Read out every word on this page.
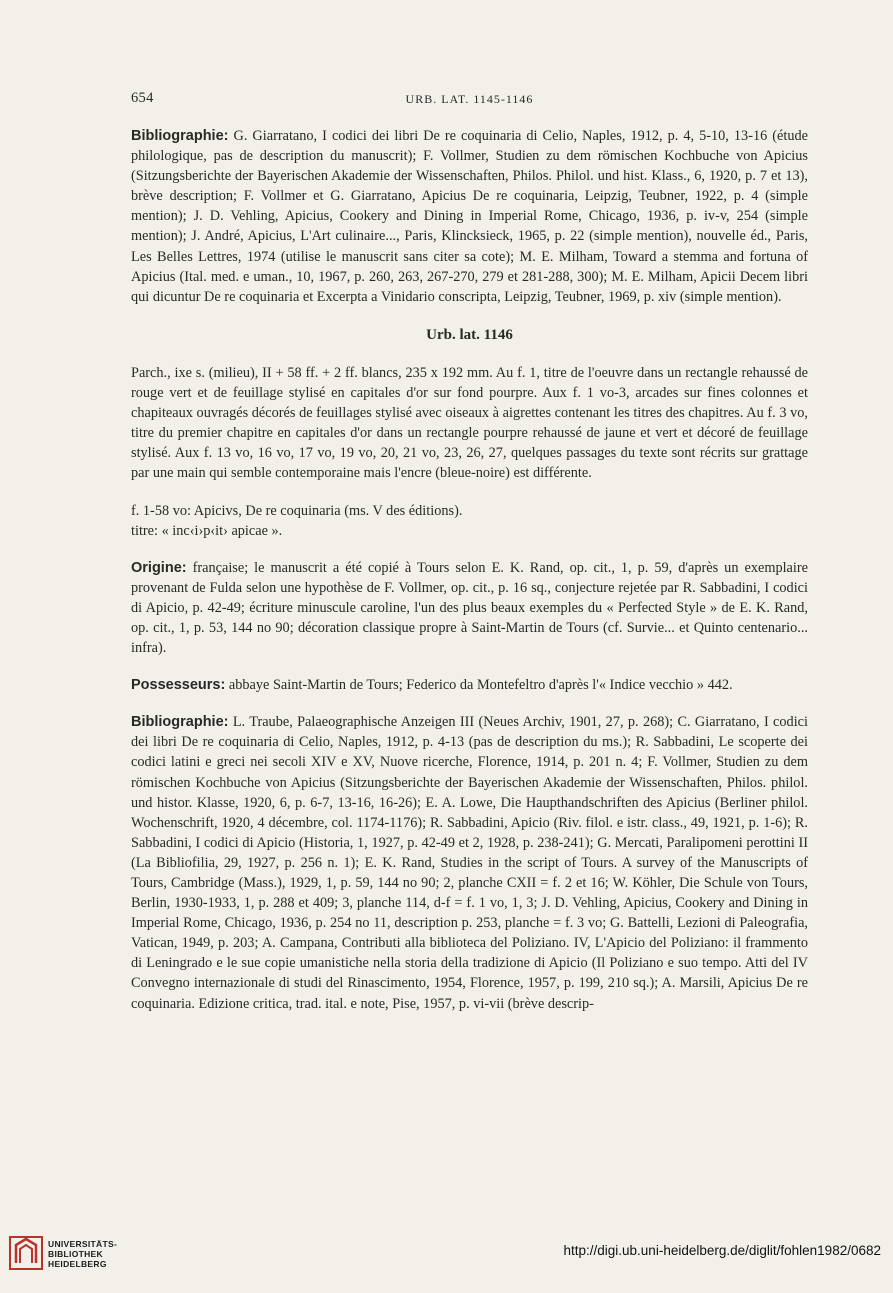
654	URB. LAT. 1145-1146

Bibliographie: G. Giarratano, I codici dei libri De re coquinaria di Celio, Naples, 1912, p. 4, 5-10, 13-16 (étude philologique, pas de description du manuscrit); F. Vollmer, Studien zu dem römischen Kochbuche von Apicius (Sitzungsberichte der Bayerischen Akademie der Wissenschaften, Philos. Philol. und hist. Klass., 6, 1920, p. 7 et 13), brève description; F. Vollmer et G. Giarratano, Apicius De re coquinaria, Leipzig, Teubner, 1922, p. 4 (simple mention); J. D. Vehling, Apicius, Cookery and Dining in Imperial Rome, Chicago, 1936, p. iv-v, 254 (simple mention); J. André, Apicius, L'Art culinaire..., Paris, Klincksieck, 1965, p. 22 (simple mention), nouvelle éd., Paris, Les Belles Lettres, 1974 (utilise le manuscrit sans citer sa cote); M. E. Milham, Toward a stemma and fortuna of Apicius (Ital. med. e uman., 10, 1967, p. 260, 263, 267-270, 279 et 281-288, 300); M. E. Milham, Apicii Decem libri qui dicuntur De re coquinaria et Excerpta a Vinidario conscripta, Leipzig, Teubner, 1969, p. xiv (simple mention).

Urb. lat. 1146

Parch., ixe s. (milieu), II + 58 ff. + 2 ff. blancs, 235 x 192 mm. Au f. 1, titre de l'oeuvre dans un rectangle rehaussé de rouge vert et de feuillage stylisé en capitales d'or sur fond pourpre. Aux f. 1 vo-3, arcades sur fines colonnes et chapiteaux ouvragés décorés de feuillages stylisé avec oiseaux à aigrettes contenant les titres des chapitres. Au f. 3 vo, titre du premier chapitre en capitales d'or dans un rectangle pourpre rehaussé de jaune et vert et décoré de feuillage stylisé. Aux f. 13 vo, 16 vo, 17 vo, 19 vo, 20, 21 vo, 23, 26, 27, quelques passages du texte sont récrits sur grattage par une main qui semble contemporaine mais l'encre (bleue-noire) est différente.

f. 1-58 vo: Apicivs, De re coquinaria (ms. V des éditions).

titre: « inc‹i›p‹it› apicae ».

Origine: française; le manuscrit a été copié à Tours selon E. K. Rand, op. cit., 1, p. 59, d'après un exemplaire provenant de Fulda selon une hypothèse de F. Vollmer, op. cit., p. 16 sq., conjecture rejetée par R. Sabbadini, I codici di Apicio, p. 42-49; écriture minuscule caroline, l'un des plus beaux exemples du « Perfected Style » de E. K. Rand, op. cit., 1, p. 53, 144 no 90; décoration classique propre à Saint-Martin de Tours (cf. Survie... et Quinto centenario... infra).

Possesseurs: abbaye Saint-Martin de Tours; Federico da Montefeltro d'après l'« Indice vecchio » 442.

Bibliographie: L. Traube, Palaeographische Anzeigen III (Neues Archiv, 1901, 27, p. 268); C. Giarratano, I codici dei libri De re coquinaria di Celio, Naples, 1912, p. 4-13 (pas de description du ms.); R. Sabbadini, Le scoperte dei codici latini e greci nei secoli XIV e XV, Nuove ricerche, Florence, 1914, p. 201 n. 4; F. Vollmer, Studien zu dem römischen Kochbuche von Apicius (Sitzungsberichte der Bayerischen Akademie der Wissenschaften, Philos. philol. und histor. Klasse, 1920, 6, p. 6-7, 13-16, 16-26); E. A. Lowe, Die Haupthandschriften des Apicius (Berliner philol. Wochenschrift, 1920, 4 décembre, col. 1174-1176); R. Sabbadini, Apicio (Riv. filol. e istr. class., 49, 1921, p. 1-6); R. Sabbadini, I codici di Apicio (Historia, 1, 1927, p. 42-49 et 2, 1928, p. 238-241); G. Mercati, Paralipomeni perottini II (La Bibliofilia, 29, 1927, p. 256 n. 1); E. K. Rand, Studies in the script of Tours. A survey of the Manuscripts of Tours, Cambridge (Mass.), 1929, 1, p. 59, 144 no 90; 2, planche CXII = f. 2 et 16; W. Köhler, Die Schule von Tours, Berlin, 1930-1933, 1, p. 288 et 409; 3, planche 114, d-f = f. 1 vo, 1, 3; J. D. Vehling, Apicius, Cookery and Dining in Imperial Rome, Chicago, 1936, p. 254 no 11, description p. 253, planche = f. 3 vo; G. Battelli, Lezioni di Paleografia, Vatican, 1949, p. 203; A. Campana, Contributi alla biblioteca del Poliziano. IV, L'Apicio del Poliziano: il frammento di Leningrado e le sue copie umanistiche nella storia della tradizione di Apicio (Il Poliziano e suo tempo. Atti del IV Convegno internazionale di studi del Rinascimento, 1954, Florence, 1957, p. 199, 210 sq.); A. Marsili, Apicius De re coquinaria. Edizione critica, trad. ital. e note, Pise, 1957, p. vi-vii (brève descrip-

UNIVERSITÄTS-
BIBLIOTHEK
HEIDELBERG
http://digi.ub.uni-heidelberg.de/diglit/fohlen1982/0682
